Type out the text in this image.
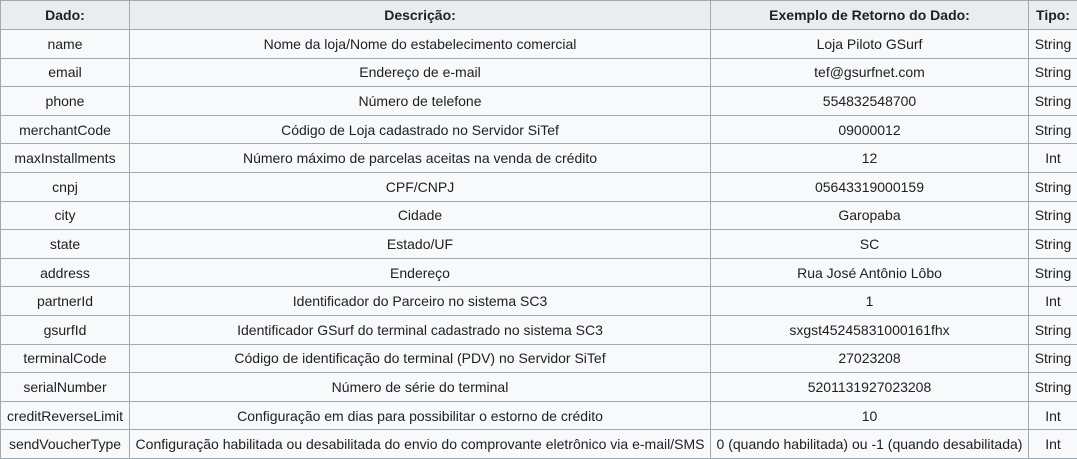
Dado:	Descrição:	Exemplo de Retorno do Dado:	Tipo:
name	Nome da loja/Nome do estabelecimento comercial	Loja Piloto GSurf	String
email	Endereço de e-mail	tef@gsurfnet.com	String
phone	Número de telefone	554832548700	String
merchantCode	Código de Loja cadastrado no Servidor SiTef	09000012	String
maxInstallments	Número máximo de parcelas aceitas na venda de crédito	12	Int
cnpj	CPF/CNPJ	05643319000159	String
city	Cidade	Garopaba	String
state	Estado/UF	SC	String
address	Endereço	Rua José Antônio Lôbo	String
partnerId	Identificador do Parceiro no sistema SC3	1	Int
gsurfId	Identificador GSurf do terminal cadastrado no sistema SC3	sxgst45245831000161fhx	String
terminalCode	Código de identificação do terminal (PDV) no Servidor SiTef	27023208	String
serialNumber	Número de série do terminal	5201131927023208	String
creditReverseLimit	Configuração em dias para possibilitar o estorno de crédito	10	Int
sendVoucherType	Configuração habilitada ou desabilitada do envio do comprovante eletrônico via e-mail/SMS	0 (quando habilitada) ou -1 (quando desabilitada)	Int
